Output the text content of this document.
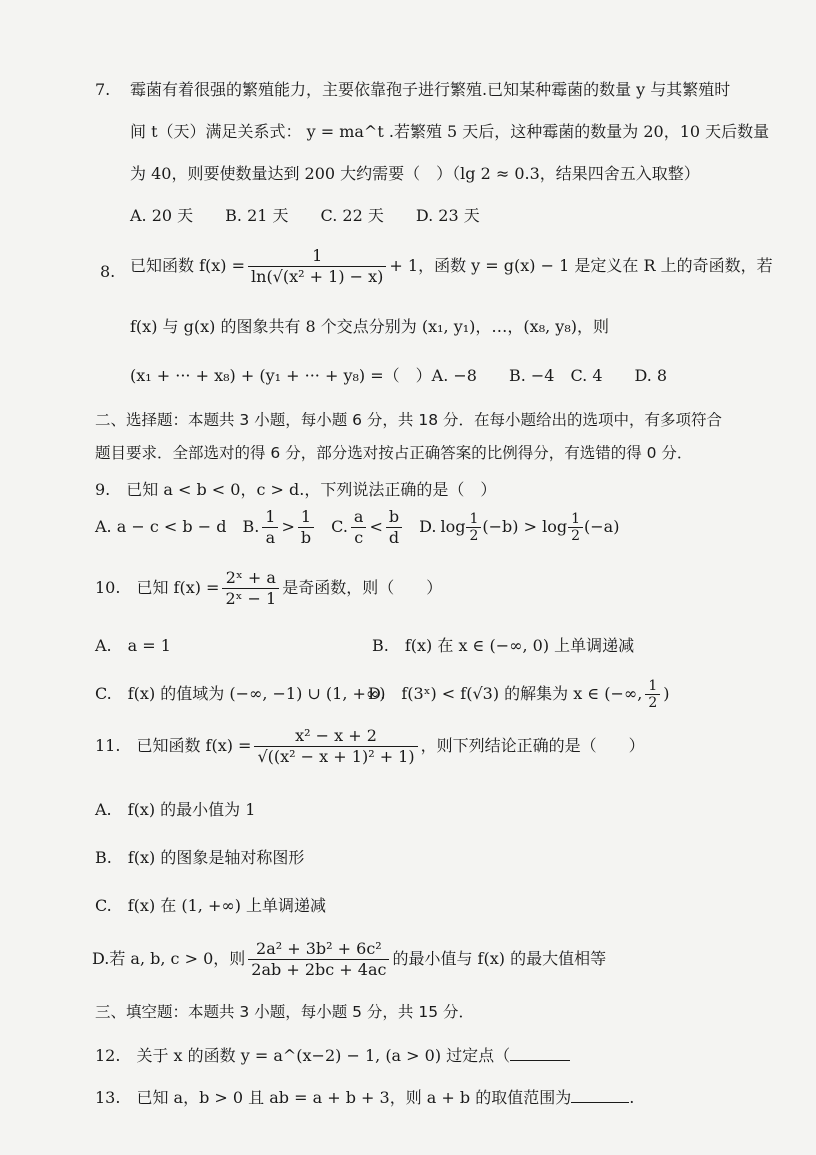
7. 霉菌有着很强的繁殖能力，主要依靠孢子进行繁殖.已知某种霉菌的数量 y 与其繁殖时
间 t（天）满足关系式： y = ma^t .若繁殖 5 天后，这种霉菌的数量为 20，10 天后数量
为 40，则要使数量达到 200 大约需要（　）（lg 2 ≈ 0.3，结果四舍五入取整）
A. 20 天　　B. 21 天　　C. 22 天　　D. 23 天
8. 已知函数 $f(x) = \frac{1}{\text{ln(√(x² + 1) − x)}} + 1$，函数 y = g(x) − 1 是定义在 R 上的奇函数，若
f(x) 与 g(x) 的图象共有 8 个交点分别为 (x₁, y₁)，…，(x₈, y₈)，则
(x₁ + ··· + x₈) + (y₁ + ··· + y₈) =（　）A. −8　　B. −4　C. 4　　D. 8
二、选择题：本题共 3 小题，每小题 6 分，共 18 分．在每小题给出的选项中，有多项符合
题目要求．全部选对的得 6 分，部分选对按占正确答案的比例得分，有选错的得 0 分．
9.　已知 a < b < 0，c > d.，下列说法正确的是（　）
A. a − c < b − d B. $\frac{1}{a} > \frac{1}{b} C$. $\frac{a}{c} < \frac{b}{d} D$. $\log \frac{1}{2} (-b) > \log \frac{1}{2} (-a)$
10.　已知 $f(x) = \frac{\text{2ˣ + a}}{\text{2ˣ − 1}}$ 是奇函数，则（　　）
A.　a = 1	B.　f(x) 在 x ∈ (−∞, 0) 上单调递减
C.　f(x) 的值域为 (−∞, −1) ∪ (1, +∞)
D.　f(3ˣ) < f(√3) 的解集为 x ∈ (−∞, $\frac{1}{2}$ )
11.　已知函数 $f(x) = \frac{\text{x² − x + 2}}{\text{√((x² − x + 1)² + 1)}}$ ，则下列结论正确的是（　　）
A.　f(x) 的最小值为 1
B.　f(x) 的图象是轴对称图形
C.　f(x) 在 (1, +∞) 上单调递减
D.若 a, b, c > 0，则 $\frac{\text{2a² + 3b² + 6c²}}{2ab + 2bc + 4ac}$ 的最小值与 f(x) 的最大值相等
三、填空题：本题共 3 小题，每小题 5 分，共 15 分．
12.　关于 x 的函数 y = a^(x−2) − 1, (a > 0) 过定点（
13.　已知 a，b > 0 且 ab = a + b + 3，则 a + b 的取值范围为	.
